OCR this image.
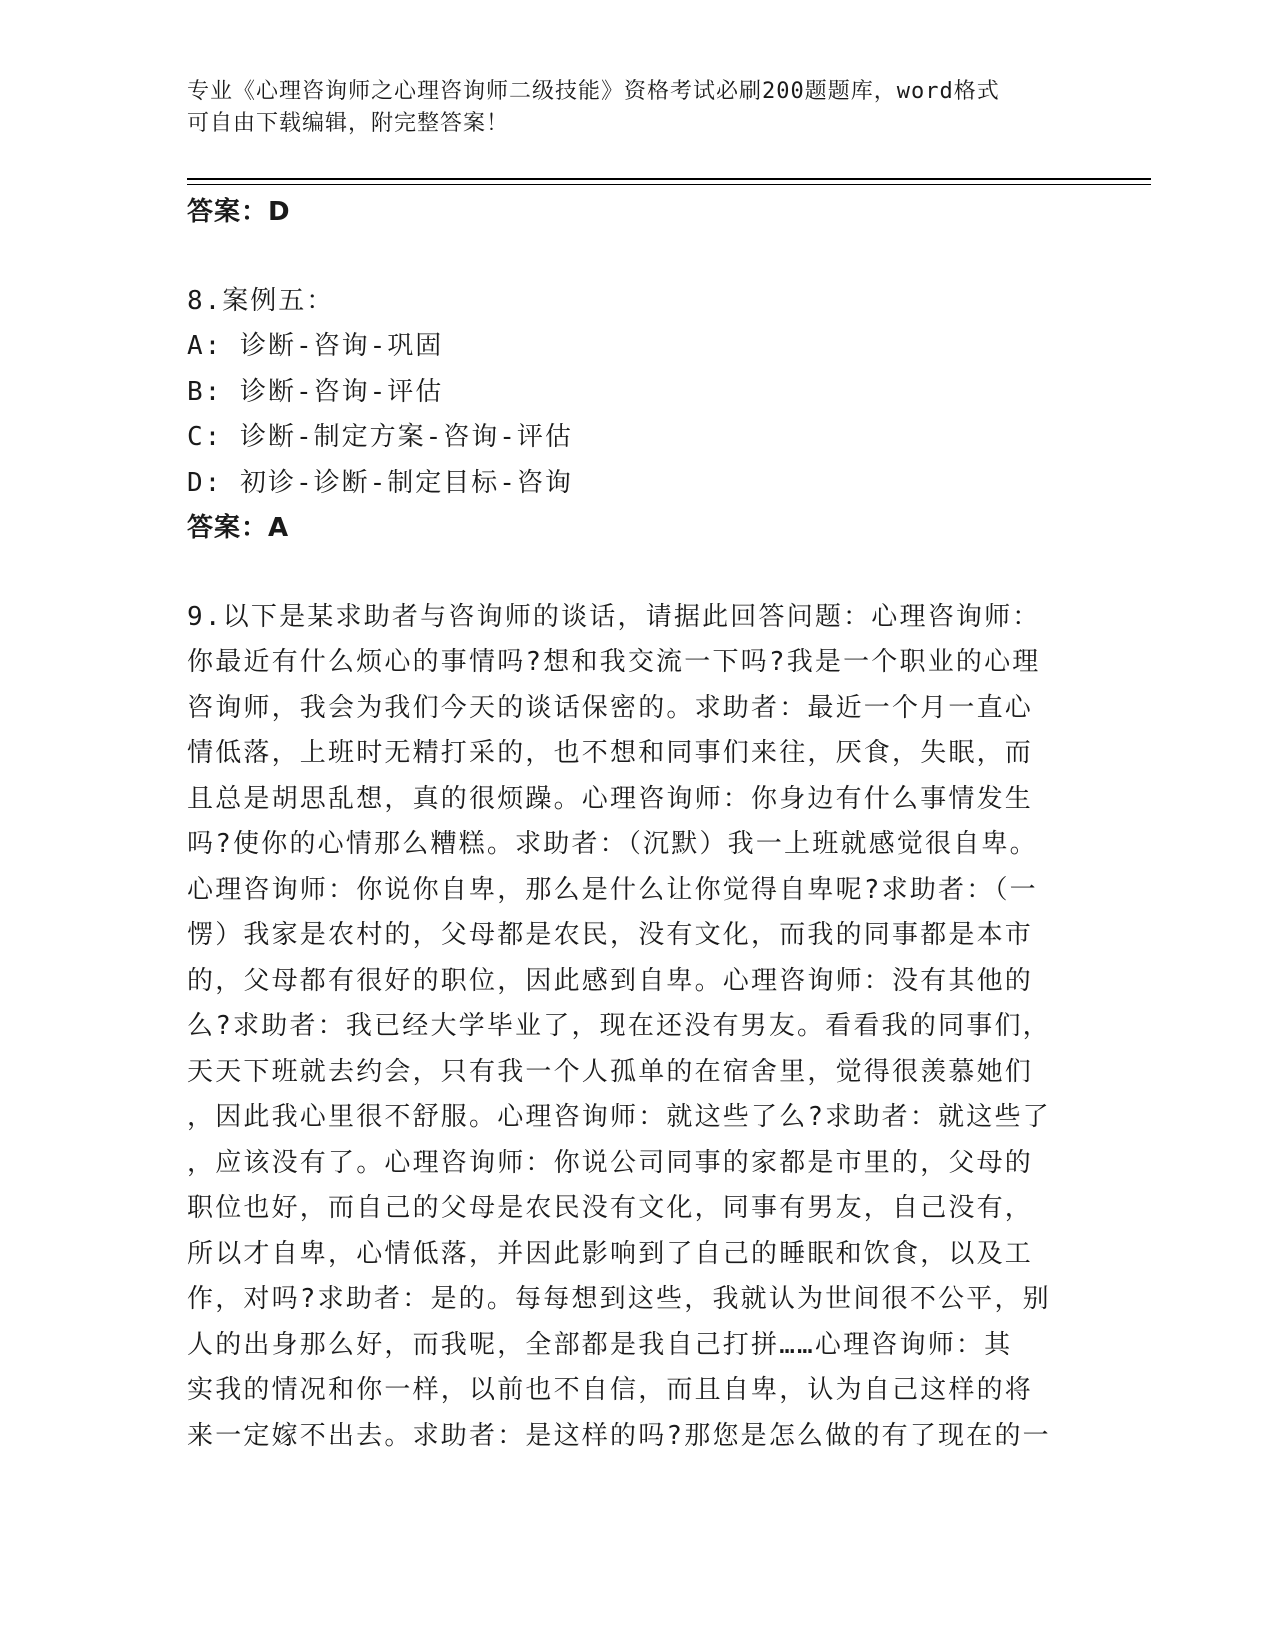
专业《心理咨询师之心理咨询师二级技能》资格考试必刷200题题库，word格式
可自由下载编辑，附完整答案！
答案：D
8.案例五：
A: 诊断-咨询-巩固
B: 诊断-咨询-评估
C: 诊断-制定方案-咨询-评估
D: 初诊-诊断-制定目标-咨询
答案：A
9.以下是某求助者与咨询师的谈话，请据此回答问题：心理咨询师：
你最近有什么烦心的事情吗?想和我交流一下吗?我是一个职业的心理
咨询师，我会为我们今天的谈话保密的。求助者：最近一个月一直心
情低落，上班时无精打采的，也不想和同事们来往，厌食，失眠，而
且总是胡思乱想，真的很烦躁。心理咨询师：你身边有什么事情发生
吗?使你的心情那么糟糕。求助者：（沉默）我一上班就感觉很自卑。
心理咨询师：你说你自卑，那么是什么让你觉得自卑呢?求助者：（一
愣）我家是农村的，父母都是农民，没有文化，而我的同事都是本市
的，父母都有很好的职位，因此感到自卑。心理咨询师：没有其他的
么?求助者：我已经大学毕业了，现在还没有男友。看看我的同事们，
天天下班就去约会，只有我一个人孤单的在宿舍里，觉得很羡慕她们
，因此我心里很不舒服。心理咨询师：就这些了么?求助者：就这些了
，应该没有了。心理咨询师：你说公司同事的家都是市里的，父母的
职位也好，而自己的父母是农民没有文化，同事有男友，自己没有，
所以才自卑，心情低落，并因此影响到了自己的睡眠和饮食，以及工
作，对吗?求助者：是的。每每想到这些，我就认为世间很不公平，别
人的出身那么好，而我呢，全部都是我自己打拼……心理咨询师：其
实我的情况和你一样，以前也不自信，而且自卑，认为自己这样的将
来一定嫁不出去。求助者：是这样的吗?那您是怎么做的有了现在的一
